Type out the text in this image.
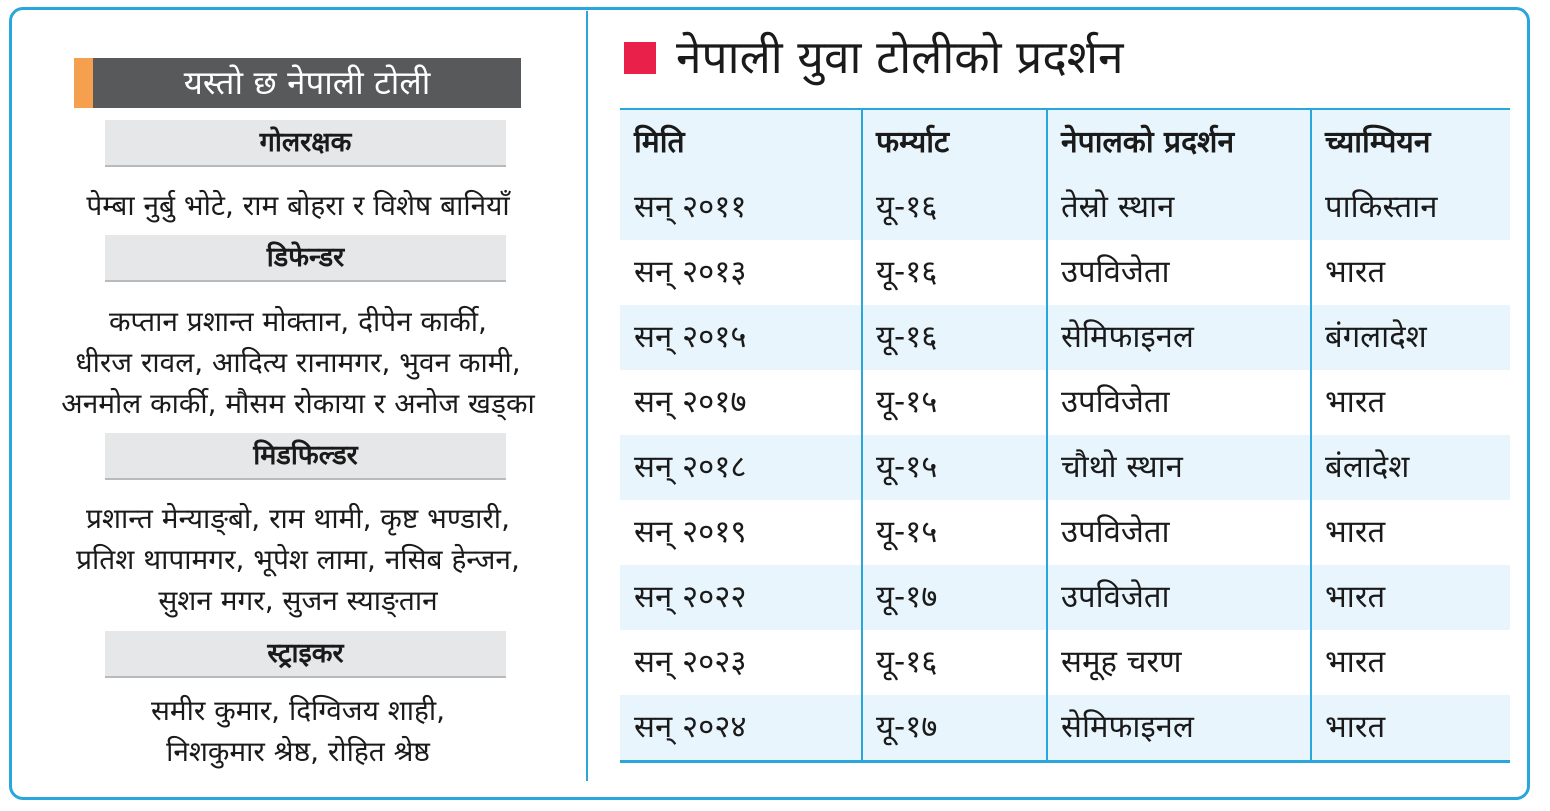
यस्तो छ नेपाली टोली
गोलरक्षक
पेम्बा नुर्बु भोटे, राम बोहरा र विशेष बानियाँ
डिफेन्डर
कप्तान प्रशान्त मोक्तान, दीपेन कार्की,
धीरज रावल, आदित्य रानामगर, भुवन कामी,
अनमोल कार्की, मौसम रोकाया र अनोज खड्का
मिडफिल्डर
प्रशान्त मेन्याङ्बो, राम थामी, कृष्ट भण्डारी,
प्रतिश थापामगर, भूपेश लामा, नसिब हेन्जन,
सुशन मगर, सुजन स्याङ्तान
स्ट्राइकर
समीर कुमार, दिग्विजय शाही,
निशकुमार श्रेष्ठ, रोहित श्रेष्ठ
नेपाली युवा टोलीको प्रदर्शन
मिति	फर्म्याट	नेपालको प्रदर्शन	च्याम्पियन
सन् २०११	यू-१६	तेस्रो स्थान	पाकिस्तान
सन् २०१३	यू-१६	उपविजेता	भारत
सन् २०१५	यू-१६	सेमिफाइनल	बंगलादेश
सन् २०१७	यू-१५	उपविजेता	भारत
सन् २०१८	यू-१५	चौथो स्थान	बंलादेश
सन् २०१९	यू-१५	उपविजेता	भारत
सन् २०२२	यू-१७	उपविजेता	भारत
सन् २०२३	यू-१६	समूह चरण	भारत
सन् २०२४	यू-१७	सेमिफाइनल	भारत
